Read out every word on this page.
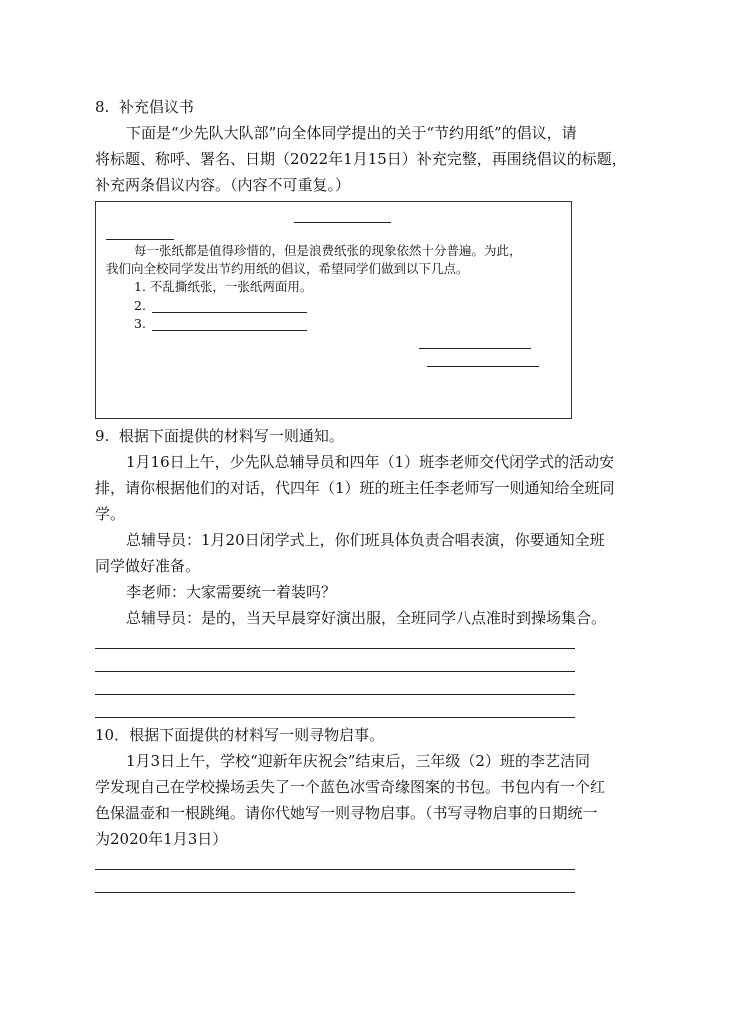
8.  补充倡议书
下面是“少先队大队部”向全体同学提出的关于“节约用纸”的倡议，请
将标题、称呼、署名、日期（2022年1月15日）补充完整，再围绕倡议的标题，
补充两条倡议内容。（内容不可重复。）
每一张纸都是值得珍惜的，但是浪费纸张的现象依然十分普遍。为此，
我们向全校同学发出节约用纸的倡议，希望同学们做到以下几点。
1. 不乱撕纸张，一张纸两面用。
2.
3.
9.  根据下面提供的材料写一则通知。
1月16日上午，少先队总辅导员和四年（1）班李老师交代闭学式的活动安
排，请你根据他们的对话，代四年（1）班的班主任李老师写一则通知给全班同
学。
总辅导员：1月20日闭学式上，你们班具体负责合唱表演，你要通知全班
同学做好准备。
李老师：大家需要统一着装吗？
总辅导员：是的，当天早晨穿好演出服，全班同学八点准时到操场集合。
10．根据下面提供的材料写一则寻物启事。
1月3日上午，学校“迎新年庆祝会”结束后，三年级（2）班的李艺洁同
学发现自己在学校操场丢失了一个蓝色冰雪奇缘图案的书包。书包内有一个红
色保温壶和一根跳绳。请你代她写一则寻物启事。（书写寻物启事的日期统一
为2020年1月3日）
